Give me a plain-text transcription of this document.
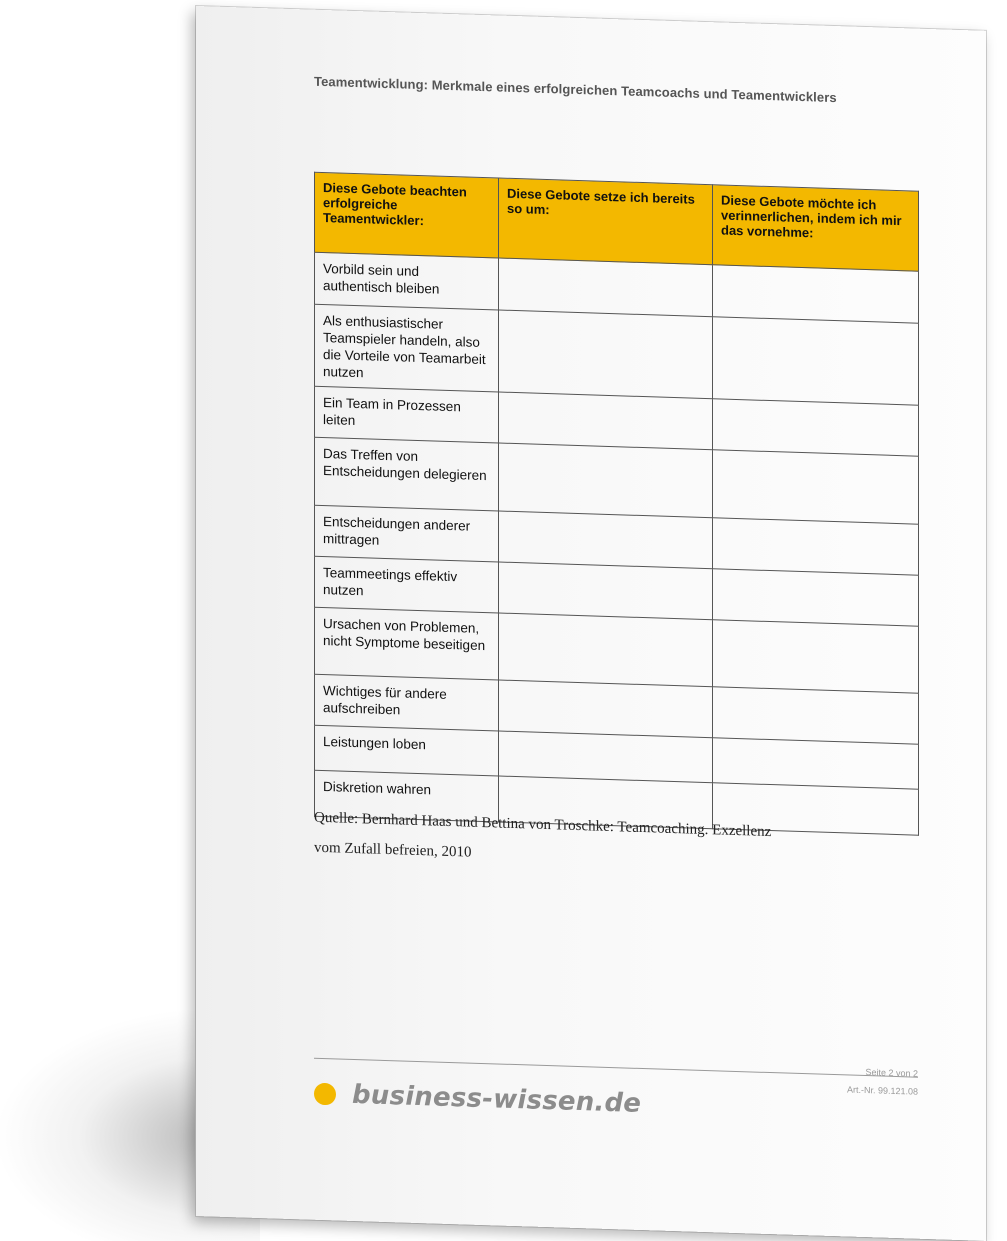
Teamentwicklung: Merkmale eines erfolgreichen Teamcoachs und Teamentwicklers
Diese Gebote beachten erfolgreiche Teamentwickler:	Diese Gebote setze ich bereits so um:	Diese Gebote möchte ich verinnerlichen, indem ich mir das vornehme:
Vorbild sein und authentisch bleiben		
Als enthusiastischer Teamspieler handeln, also die Vorteile von Teamarbeit nutzen		
Ein Team in Prozessen leiten		
Das Treffen von Entscheidungen delegieren		
Entscheidungen anderer mittragen		
Teammeetings effektiv nutzen		
Ursachen von Problemen, nicht Symptome beseitigen		
Wichtiges für andere aufschreiben		
Leistungen loben		
Diskretion wahren		
Quelle: Bernhard Haas und Bettina von Troschke: Teamcoaching. Exzellenz
vom Zufall befreien, 2010
Seite 2 von 2
Art.-Nr. 99.121.08
business-wissen.de
